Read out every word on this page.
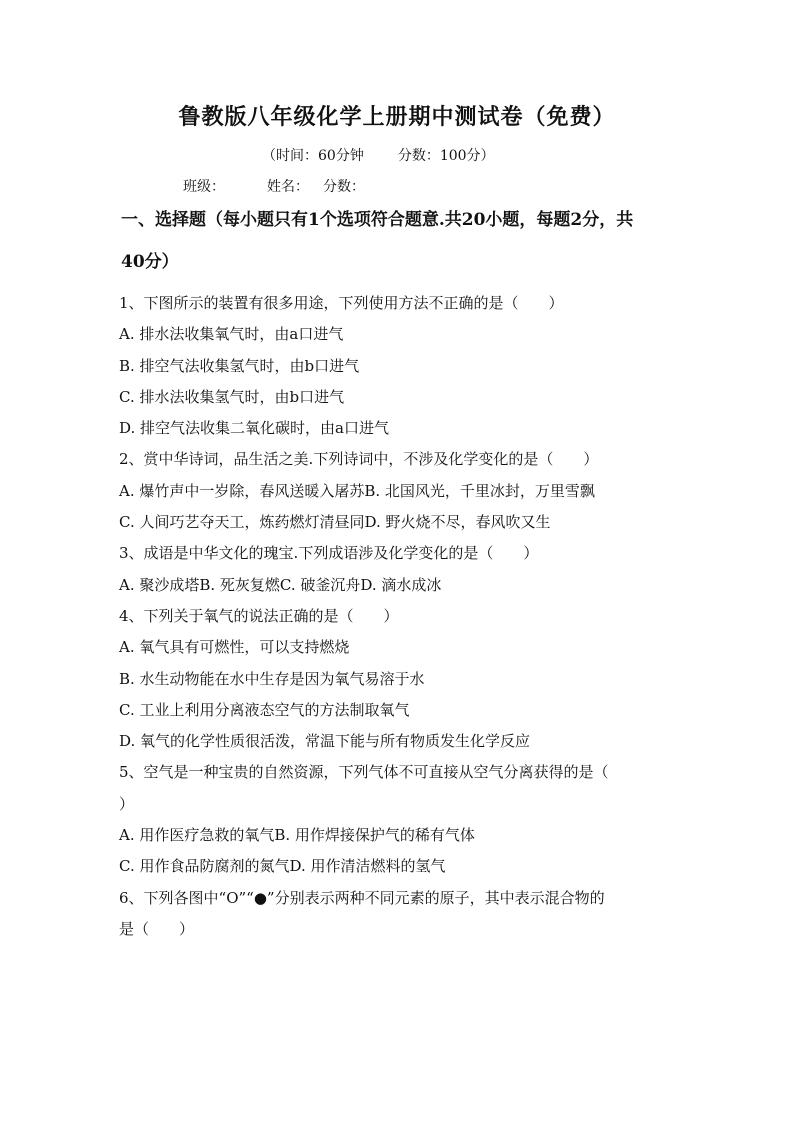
鲁教版八年级化学上册期中测试卷（免费）
（时间：60分钟 分数：100分）
班级：	姓名： 分数：
一、选择题（每小题只有1个选项符合题意.共20小题，每题2分，共
40分）
1、下图所示的装置有很多用途，下列使用方法不正确的是（　　）
A. 排水法收集氧气时，由a口进气
B. 排空气法收集氢气时，由b口进气
C. 排水法收集氢气时，由b口进气
D. 排空气法收集二氧化碳时，由a口进气
2、赏中华诗词，品生活之美.下列诗词中，不涉及化学变化的是（　　）
A. 爆竹声中一岁除，春风送暖入屠苏B. 北国风光，千里冰封，万里雪飘
C. 人间巧艺夺天工，炼药燃灯清昼同D. 野火烧不尽，春风吹又生
3、成语是中华文化的瑰宝.下列成语涉及化学变化的是（　　）
A. 聚沙成塔B. 死灰复燃C. 破釜沉舟D. 滴水成冰
4、下列关于氧气的说法正确的是（　　）
A. 氧气具有可燃性，可以支持燃烧
B. 水生动物能在水中生存是因为氧气易溶于水
C. 工业上利用分离液态空气的方法制取氧气
D. 氧气的化学性质很活泼，常温下能与所有物质发生化学反应
5、空气是一种宝贵的自然资源，下列气体不可直接从空气分离获得的是（
）
A. 用作医疗急救的氧气B. 用作焊接保护气的稀有气体
C. 用作食品防腐剂的氮气D. 用作清洁燃料的氢气
6、下列各图中“O”“●”分别表示两种不同元素的原子，其中表示混合物的
是（　　）
